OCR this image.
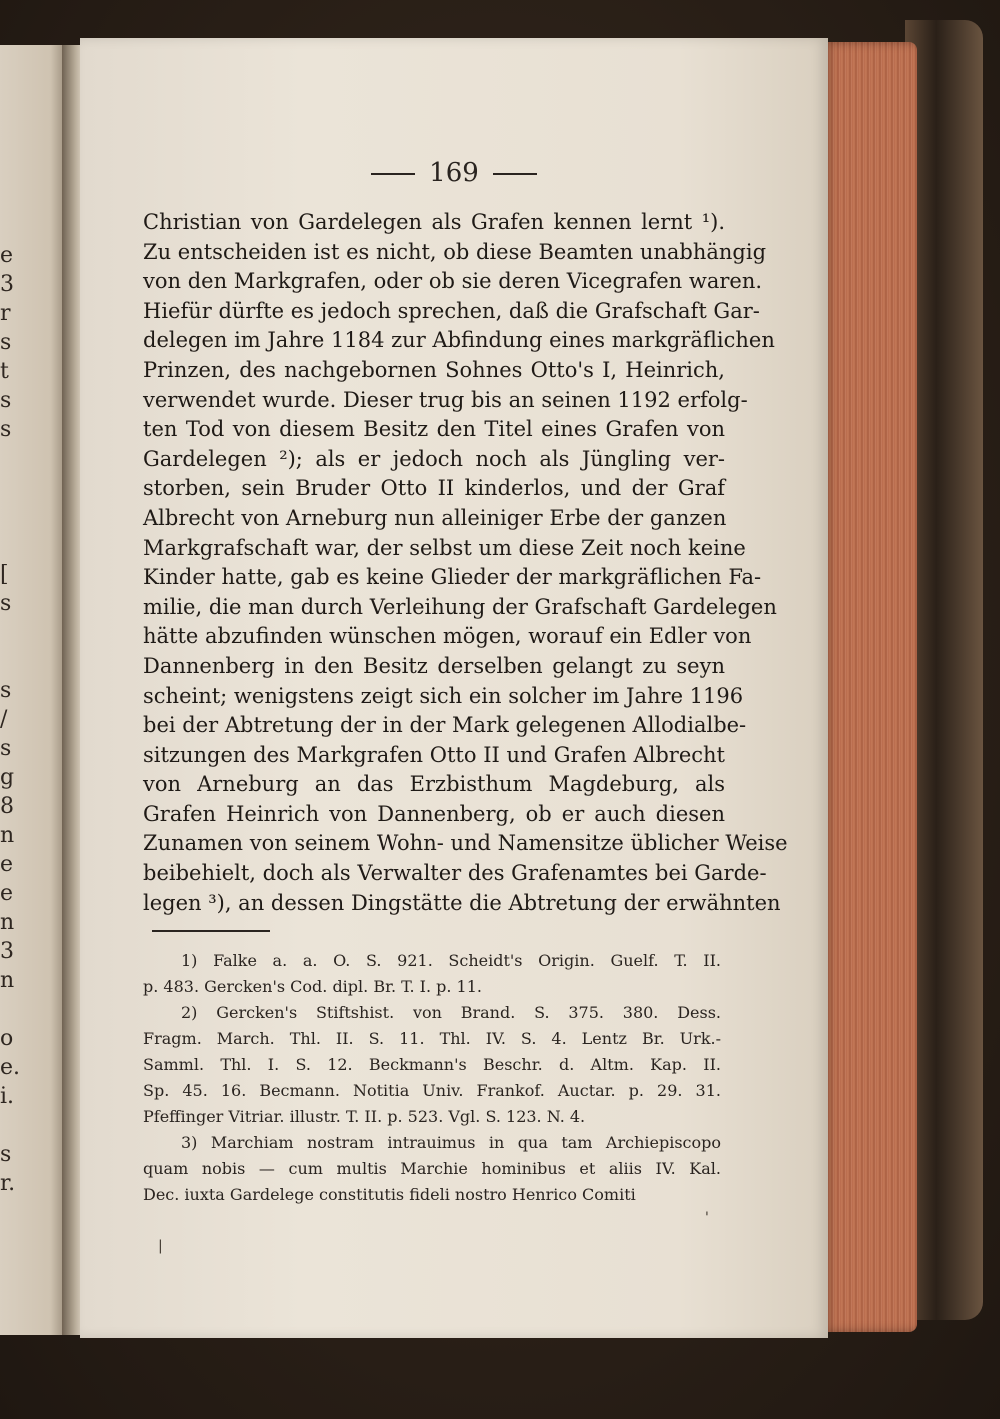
e
3
r
s
t
s
s
[
s
s
/
s
g
8
n
e
e
n
3
n
o
e.
i.
s
r.
169
Christian von Gardelegen als Grafen kennen lernt ¹).
Zu entscheiden ist es nicht, ob diese Beamten unabhängig
von den Markgrafen, oder ob sie deren Vicegrafen waren.
Hiefür dürfte es jedoch sprechen, daß die Grafschaft Gar-
delegen im Jahre 1184 zur Abfindung eines markgräflichen
Prinzen, des nachgebornen Sohnes Otto's I, Heinrich,
verwendet wurde. Dieser trug bis an seinen 1192 erfolg-
ten Tod von diesem Besitz den Titel eines Grafen von
Gardelegen ²); als er jedoch noch als Jüngling ver-
storben, sein Bruder Otto II kinderlos, und der Graf
Albrecht von Arneburg nun alleiniger Erbe der ganzen
Markgrafschaft war, der selbst um diese Zeit noch keine
Kinder hatte, gab es keine Glieder der markgräflichen Fa-
milie, die man durch Verleihung der Grafschaft Gardelegen
hätte abzufinden wünschen mögen, worauf ein Edler von
Dannenberg in den Besitz derselben gelangt zu seyn
scheint; wenigstens zeigt sich ein solcher im Jahre 1196
bei der Abtretung der in der Mark gelegenen Allodialbe-
sitzungen des Markgrafen Otto II und Grafen Albrecht
von Arneburg an das Erzbisthum Magdeburg, als
Grafen Heinrich von Dannenberg, ob er auch diesen
Zunamen von seinem Wohn- und Namensitze üblicher Weise
beibehielt, doch als Verwalter des Grafenamtes bei Garde-
legen ³), an dessen Dingstätte die Abtretung der erwähnten
1) Falke a. a. O. S. 921. Scheidt's Origin. Guelf. T. II.
p. 483. Gercken's Cod. dipl. Br. T. I. p. 11.
2) Gercken's Stiftshist. von Brand. S. 375. 380. Dess.
Fragm. March. Thl. II. S. 11. Thl. IV. S. 4. Lentz Br. Urk.-
Samml. Thl. I. S. 12. Beckmann's Beschr. d. Altm. Kap. II.
Sp. 45. 16. Becmann. Notitia Univ. Frankof. Auctar. p. 29. 31.
Pfeffinger Vitriar. illustr. T. II. p. 523. Vgl. S. 123. N. 4.
3) Marchiam nostram intrauimus in qua tam Archiepiscopo
quam nobis — cum multis Marchie hominibus et aliis IV. Kal.
Dec. iuxta Gardelege constitutis fideli nostro Henrico Comiti
'
|
